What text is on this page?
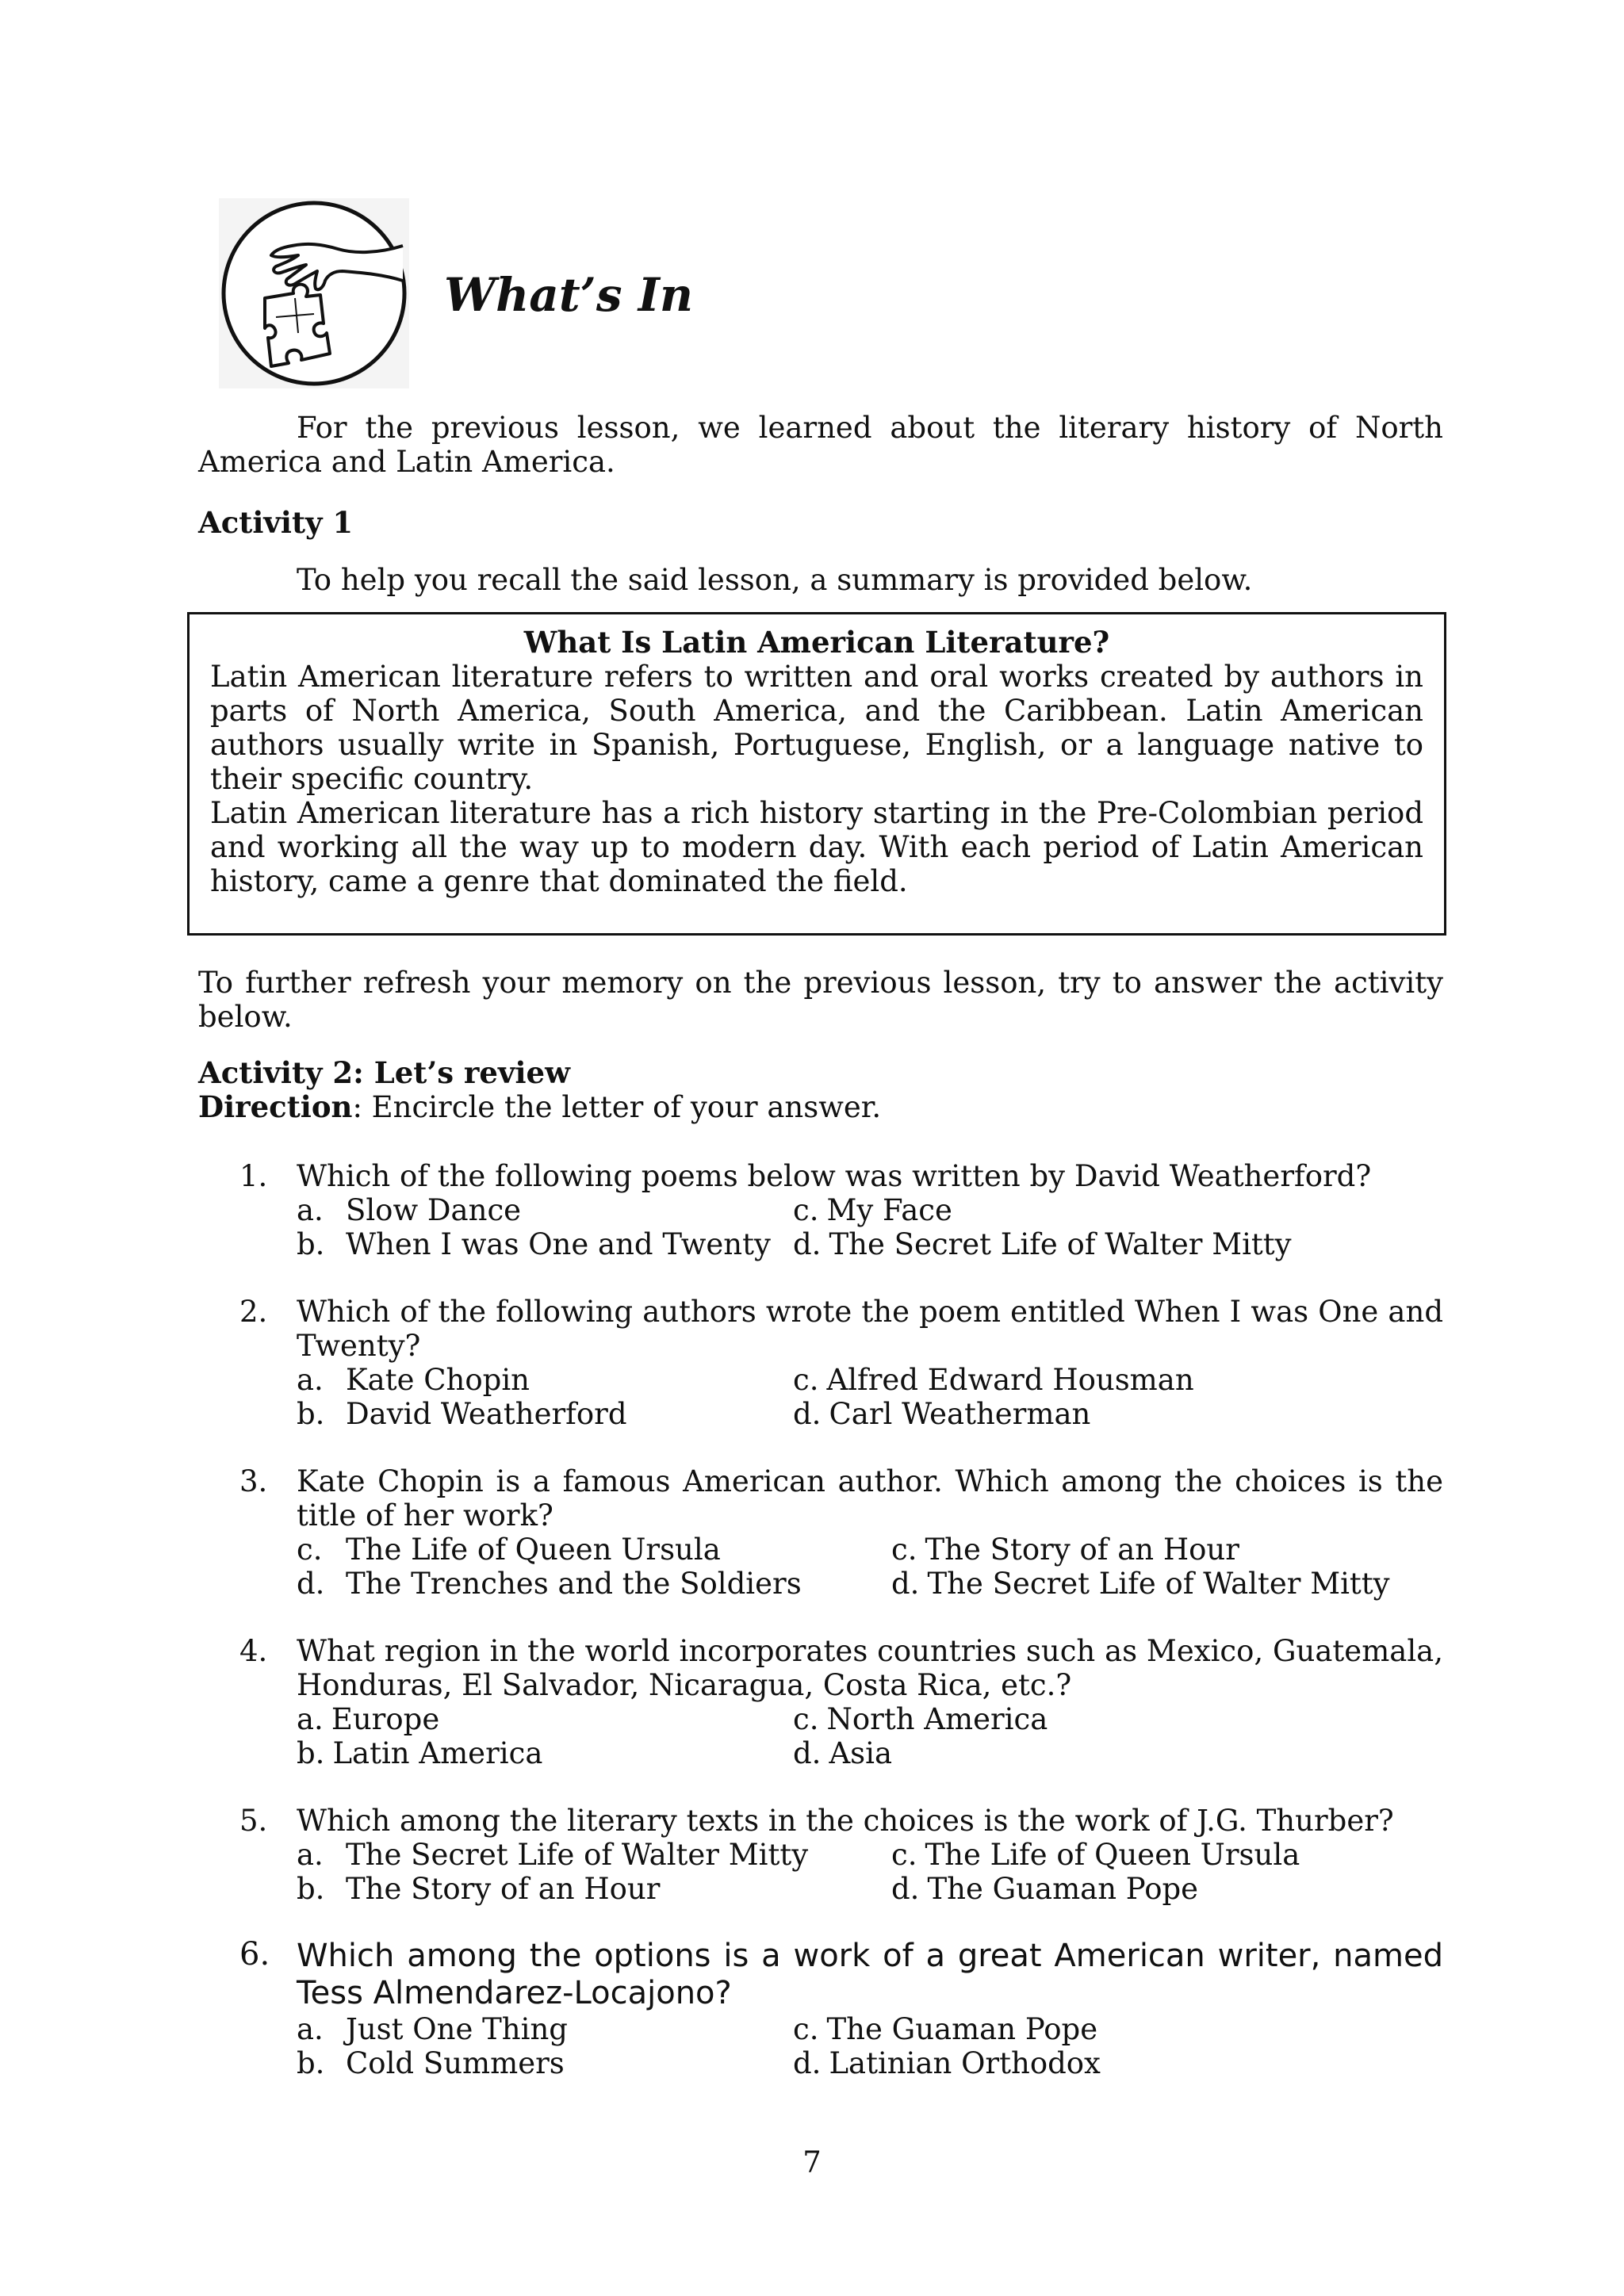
What’s In

For the previous lesson, we learned about the literary history of North America and Latin America.

Activity 1

To help you recall the said lesson, a summary is provided below.

What Is Latin American Literature?
Latin American literature refers to written and oral works created by authors in parts of North America, South America, and the Caribbean. Latin American authors usually write in Spanish, Portuguese, English, or a language native to their specific country.
Latin American literature has a rich history starting in the Pre-Colombian period and working all the way up to modern day. With each period of Latin American history, came a genre that dominated the field.

To further refresh your memory on the previous lesson, try to answer the activity below.

Activity 2: Let’s review

Direction: Encircle the letter of your answer.

1. Which of the following poems below was written by David Weatherford?
a. Slow Dance	c. My Face
b. When I was One and Twenty d. The Secret Life of Walter Mitty
2. Which of the following authors wrote the poem entitled When I was One and Twenty?
a. Kate Chopin	c. Alfred Edward Housman
b. David Weatherford	d. Carl Weatherman
3. Kate Chopin is a famous American author. Which among the choices is the title of her work?
c. The Life of Queen Ursula	c. The Story of an Hour
d. The Trenches and the Soldiers	d. The Secret Life of Walter Mitty
4. What region in the world incorporates countries such as Mexico, Guatemala, Honduras, El Salvador, Nicaragua, Costa Rica, etc.?
a. Europe	c. North America
b. Latin America	d. Asia
5. Which among the literary texts in the choices is the work of J.G. Thurber?
a. The Secret Life of Walter Mitty	c. The Life of Queen Ursula
b. The Story of an Hour	d. The Guaman Pope
6. Which among the options is a work of a great American writer, named Tess Almendarez-Locajono?
a. Just One Thing	c. The Guaman Pope
b. Cold Summers	d. Latinian Orthodox
7
